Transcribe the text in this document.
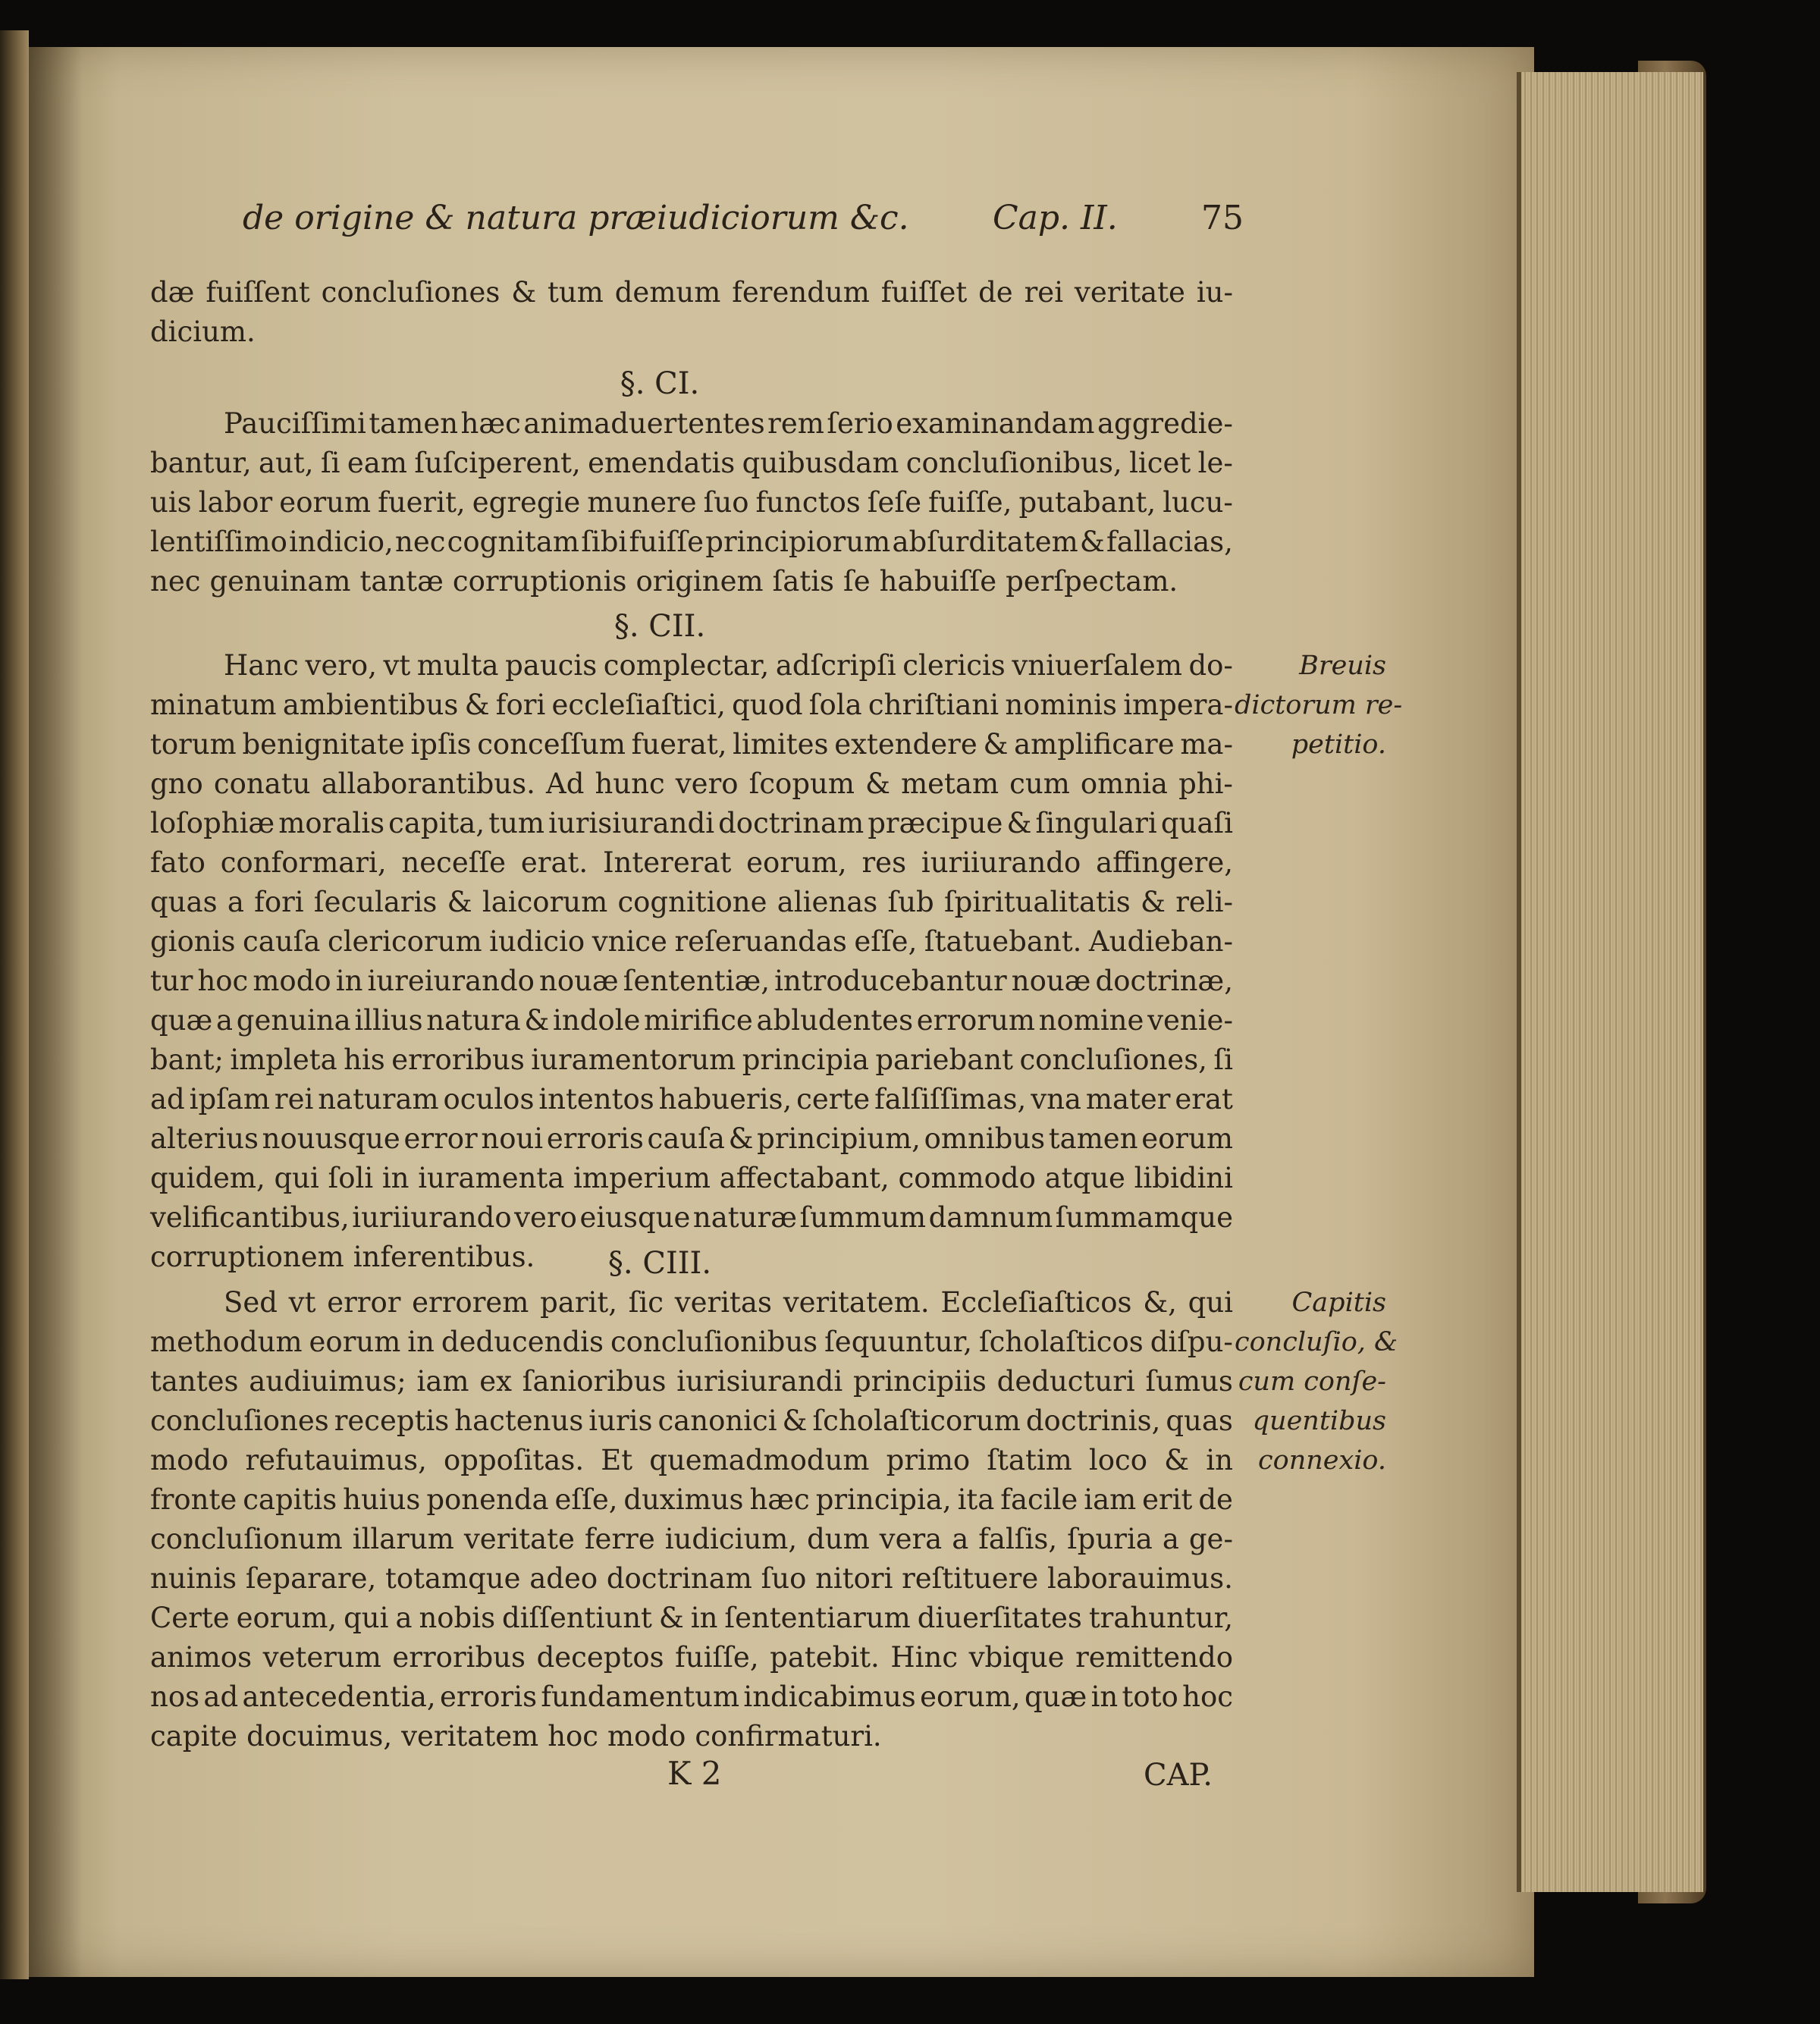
de origine & natura præiudiciorum &c.	Cap. II.	75
dæ fuiſſent concluſiones & tum demum ferendum fuiſſet de rei veritate iu-
dicium.
§. CI.
Pauciſſimi tamen hæc animaduertentes rem ſerio examinandam aggredie-
bantur, aut, ſi eam ſuſciperent, emendatis quibusdam concluſionibus, licet le-
uis labor eorum fuerit, egregie munere ſuo functos ſeſe fuiſſe, putabant, lucu-
lentiſſimo indicio, nec cognitam ſibi fuiſſe principiorum abſurditatem & fallacias,
nec genuinam tantæ corruptionis originem ſatis ſe habuiſſe perſpectam.
§. CII.
Hanc vero, vt multa paucis complectar, adſcripſi clericis vniuerſalem do-
minatum ambientibus & fori eccleſiaſtici, quod ſola chriſtiani nominis impera-
torum benignitate ipſis conceſſum fuerat, limites extendere & amplificare ma-
gno conatu allaborantibus. Ad hunc vero ſcopum & metam cum omnia phi-
loſophiæ moralis capita, tum iurisiurandi doctrinam præcipue & ſingulari quaſi
fato conformari, neceſſe erat. Intererat eorum, res iuriiurando affingere,
quas a fori ſecularis & laicorum cognitione alienas ſub ſpiritualitatis & reli-
gionis cauſa clericorum iudicio vnice reſeruandas eſſe, ſtatuebant. Audieban-
tur hoc modo in iureiurando nouæ ſententiæ, introducebantur nouæ doctrinæ,
quæ a genuina illius natura & indole mirifice abludentes errorum nomine venie-
bant; impleta his erroribus iuramentorum principia pariebant concluſiones, ſi
ad ipſam rei naturam oculos intentos habueris, certe falſiſſimas, vna mater erat
alterius nouusque error noui erroris cauſa & principium, omnibus tamen eorum
quidem, qui ſoli in iuramenta imperium affectabant, commodo atque libidini
velificantibus, iuriiurando vero eiusque naturæ ſummum damnum ſummamque
corruptionem inferentibus.
Breuis
dictorum re-
petitio.
§. CIII.
Sed vt error errorem parit, ſic veritas veritatem. Eccleſiaſticos &, qui
methodum eorum in deducendis concluſionibus ſequuntur, ſcholaſticos diſpu-
tantes audiuimus; iam ex ſanioribus iurisiurandi principiis deducturi ſumus
concluſiones receptis hactenus iuris canonici & ſcholaſticorum doctrinis, quas
modo refutauimus, oppoſitas. Et quemadmodum primo ſtatim loco & in
fronte capitis huius ponenda eſſe, duximus hæc principia, ita facile iam erit de
concluſionum illarum veritate ferre iudicium, dum vera a falſis, ſpuria a ge-
nuinis ſeparare, totamque adeo doctrinam ſuo nitori reſtituere laborauimus.
Certe eorum, qui a nobis diſſentiunt & in ſententiarum diuerſitates trahuntur,
animos veterum erroribus deceptos fuiſſe, patebit. Hinc vbique remittendo
nos ad antecedentia, erroris fundamentum indicabimus eorum, quæ in toto hoc
capite docuimus, veritatem hoc modo confirmaturi.
Capitis
concluſio, &
cum conſe-
quentibus
connexio.
K 2	CAP.
